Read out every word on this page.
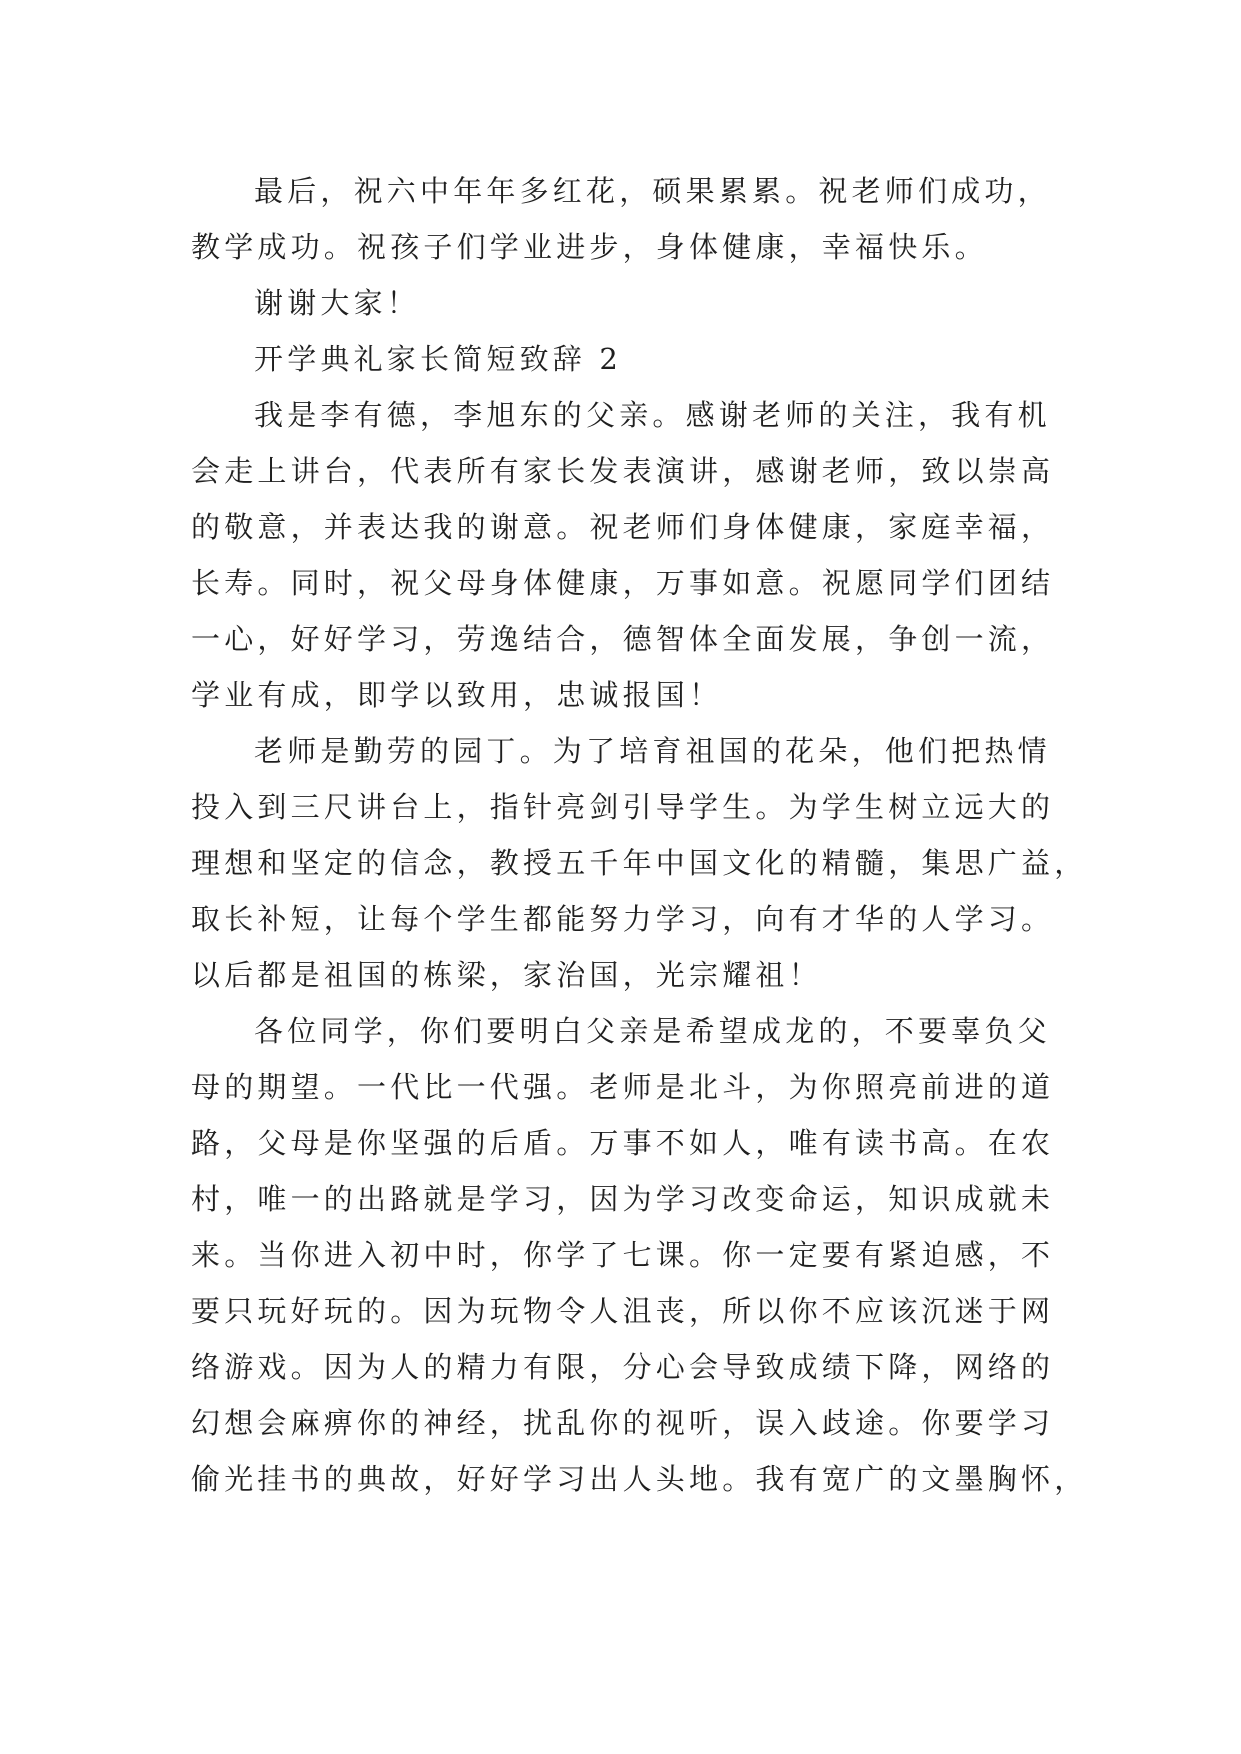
最后，祝六中年年多红花，硕果累累。祝老师们成功，
教学成功。祝孩子们学业进步，身体健康，幸福快乐。
谢谢大家！
开学典礼家长简短致辞 2
我是李有德，李旭东的父亲。感谢老师的关注，我有机
会走上讲台，代表所有家长发表演讲，感谢老师，致以崇高
的敬意，并表达我的谢意。祝老师们身体健康，家庭幸福，
长寿。同时，祝父母身体健康，万事如意。祝愿同学们团结
一心，好好学习，劳逸结合，德智体全面发展，争创一流，
学业有成，即学以致用，忠诚报国！
老师是勤劳的园丁。为了培育祖国的花朵，他们把热情
投入到三尺讲台上，指针亮剑引导学生。为学生树立远大的
理想和坚定的信念，教授五千年中国文化的精髓，集思广益，
取长补短，让每个学生都能努力学习，向有才华的人学习。
以后都是祖国的栋梁，家治国，光宗耀祖！
各位同学，你们要明白父亲是希望成龙的，不要辜负父
母的期望。一代比一代强。老师是北斗，为你照亮前进的道
路，父母是你坚强的后盾。万事不如人，唯有读书高。在农
村，唯一的出路就是学习，因为学习改变命运，知识成就未
来。当你进入初中时，你学了七课。你一定要有紧迫感，不
要只玩好玩的。因为玩物令人沮丧，所以你不应该沉迷于网
络游戏。因为人的精力有限，分心会导致成绩下降，网络的
幻想会麻痹你的神经，扰乱你的视听，误入歧途。你要学习
偷光挂书的典故，好好学习出人头地。我有宽广的文墨胸怀，
